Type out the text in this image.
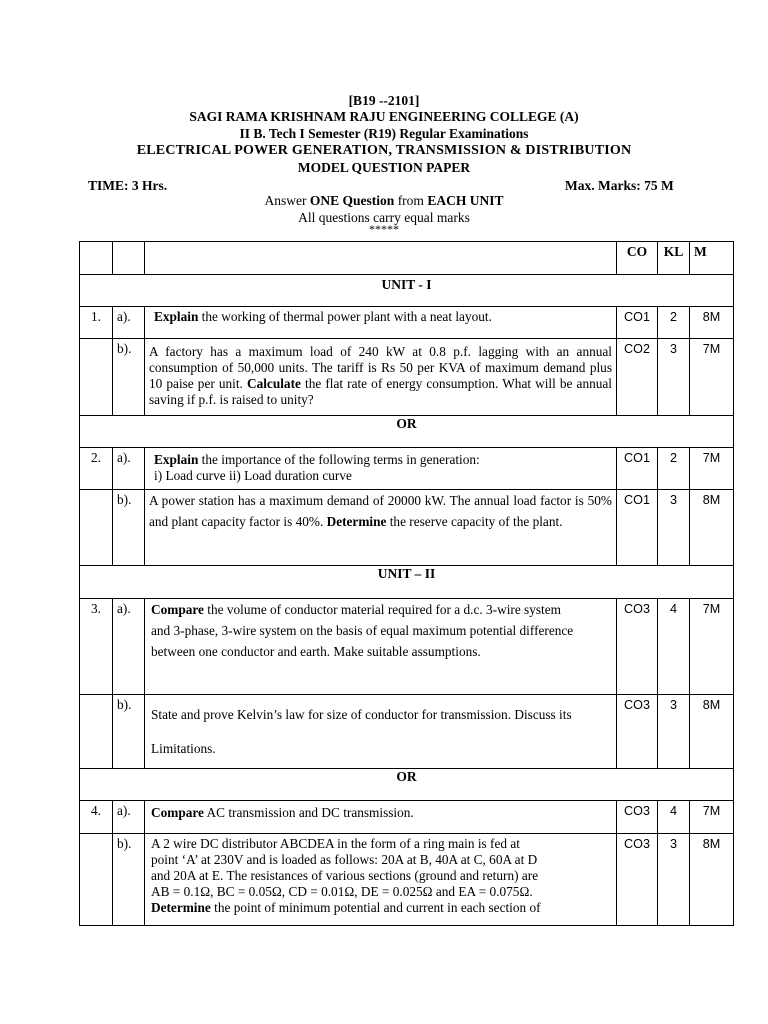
[B19 --2101]
SAGI RAMA KRISHNAM RAJU ENGINEERING COLLEGE (A)
II B. Tech I Semester (R19) Regular Examinations
ELECTRICAL POWER GENERATION, TRANSMISSION & DISTRIBUTION
MODEL QUESTION PAPER
TIME: 3 Hrs.	Max. Marks: 75 M
Answer ONE Question from EACH UNIT
All questions carry equal marks
*****
			CO	KL	M
UNIT - I					
1.	a).	Explain the working of thermal power plant with a neat layout.	CO1	2	8M
	b).	A factory has a maximum load of 240 kW at 0.8 p.f. lagging with an annual consumption of 50,000 units. The tariff is Rs 50 per KVA of maximum demand plus 10 paise per unit. Calculate the flat rate of energy consumption. What will be annual saving if p.f. is raised to unity?	CO2	3	7M
OR					
2.	a).	Explain the importance of the following terms in generation:
i) Load curve ii) Load duration curve	CO1	2	7M
	b).	A power station has a maximum demand of 20000 kW. The annual load factor is 50% and plant capacity factor is 40%. Determine the reserve capacity of the plant.	CO1	3	8M
UNIT – II					
3.	a).	Compare the volume of conductor material required for a d.c. 3-wire system and 3-phase, 3-wire system on the basis of equal maximum potential difference between one conductor and earth. Make suitable assumptions.	CO3	4	7M
	b).	State and prove Kelvin’s law for size of conductor for transmission. Discuss its
Limitations.	CO3	3	8M
OR					
4.	a).	Compare AC transmission and DC transmission.	CO3	4	7M
	b).	A 2 wire DC distributor ABCDEA in the form of a ring main is fed at
point ‘A’ at 230V and is loaded as follows: 20A at B, 40A at C, 60A at D
and 20A at E. The resistances of various sections (ground and return) are
AB = 0.1Ω, BC = 0.05Ω, CD = 0.01Ω, DE = 0.025Ω and EA = 0.075Ω.
Determine the point of minimum potential and current in each section of	CO3	3	8M
